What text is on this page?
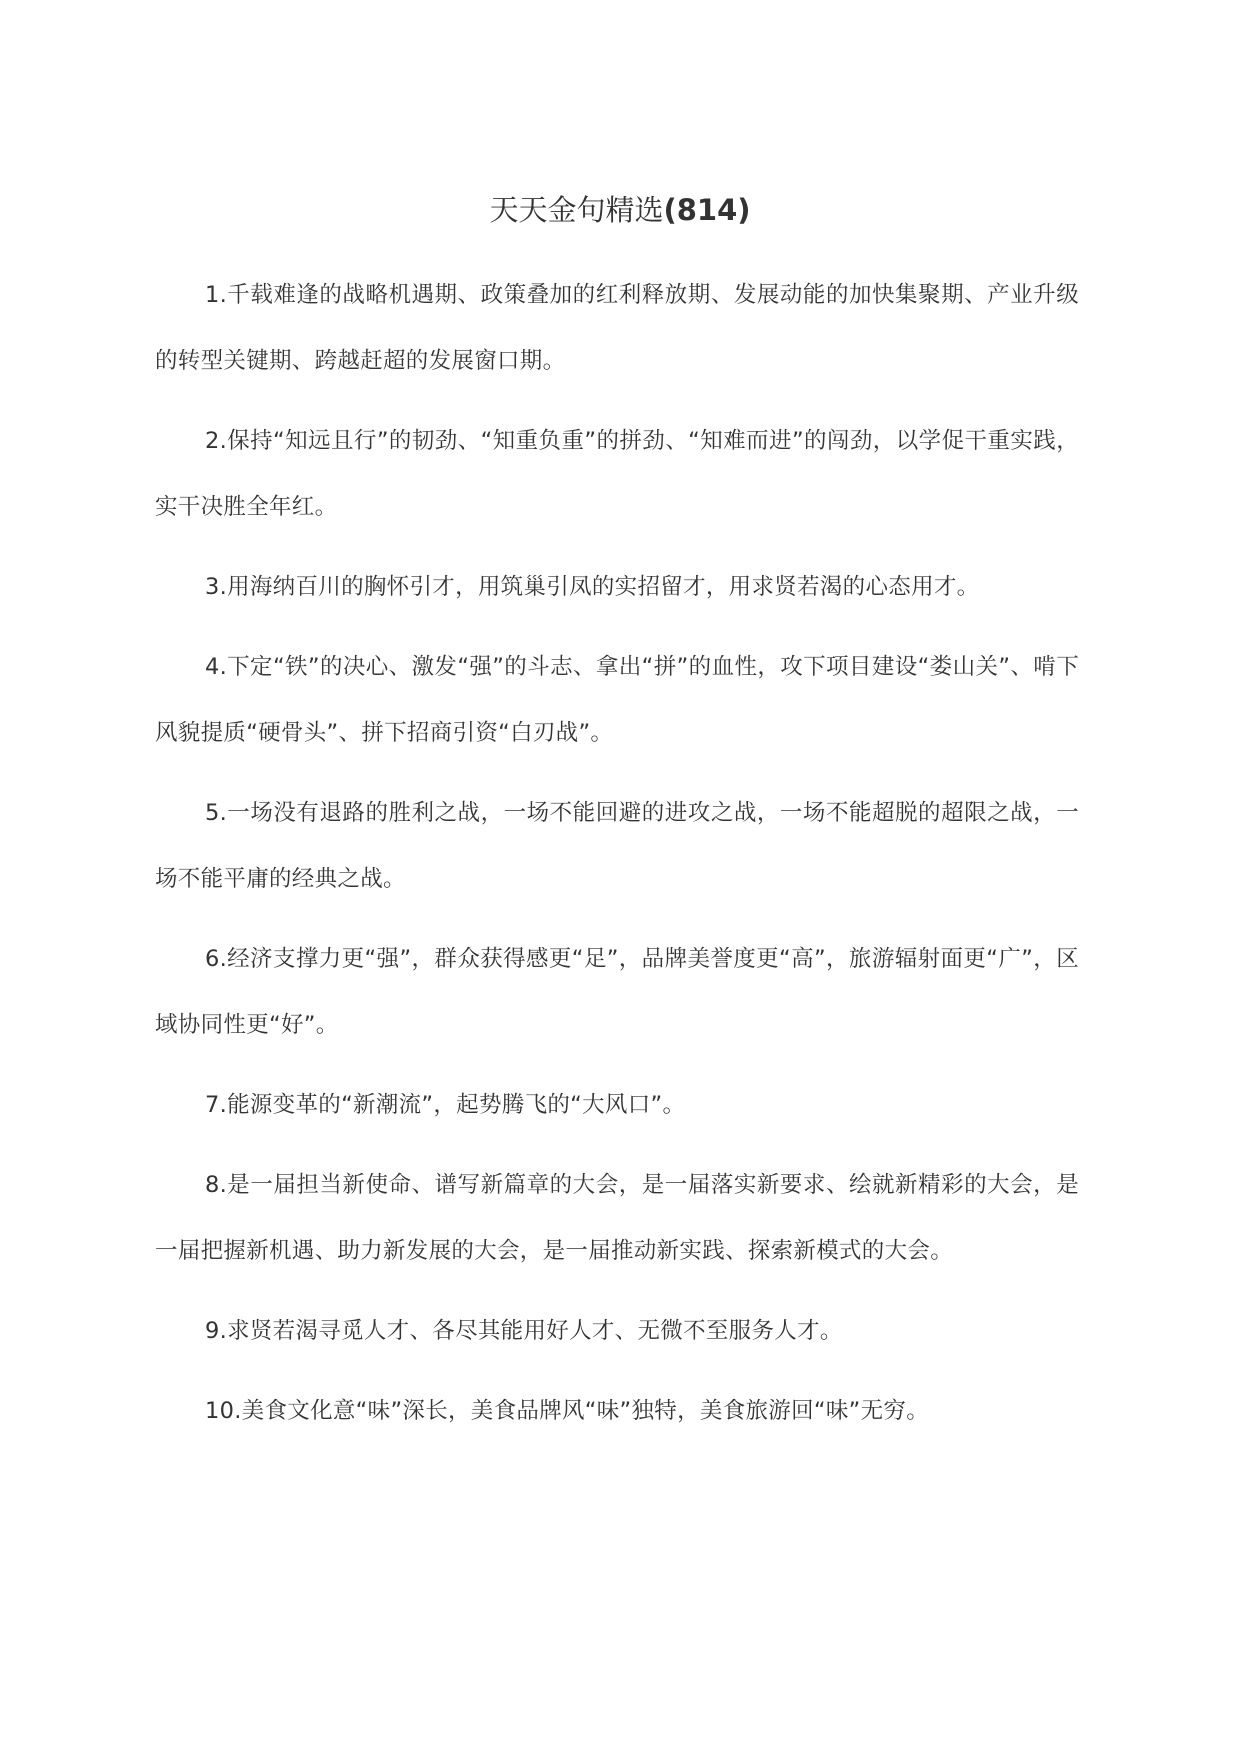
天天金句精选(814)

1.千载难逢的战略机遇期、政策叠加的红利释放期、发展动能的加快集聚期、产业升级的转型关键期、跨越赶超的发展窗口期。

2.保持“知远且行”的韧劲、“知重负重”的拼劲、“知难而进”的闯劲，以学促干重实践，实干决胜全年红。

3.用海纳百川的胸怀引才，用筑巢引凤的实招留才，用求贤若渴的心态用才。

4.下定“铁”的决心、激发“强”的斗志、拿出“拼”的血性，攻下项目建设“娄山关”、啃下风貌提质“硬骨头”、拼下招商引资“白刃战”。

5.一场没有退路的胜利之战，一场不能回避的进攻之战，一场不能超脱的超限之战，一场不能平庸的经典之战。

6.经济支撑力更“强”，群众获得感更“足”，品牌美誉度更“高”，旅游辐射面更“广”，区域协同性更“好”。

7.能源变革的“新潮流”，起势腾飞的“大风口”。

8.是一届担当新使命、谱写新篇章的大会，是一届落实新要求、绘就新精彩的大会，是一届把握新机遇、助力新发展的大会，是一届推动新实践、探索新模式的大会。

9.求贤若渴寻觅人才、各尽其能用好人才、无微不至服务人才。

10.美食文化意“味”深长，美食品牌风“味”独特，美食旅游回“味”无穷。
